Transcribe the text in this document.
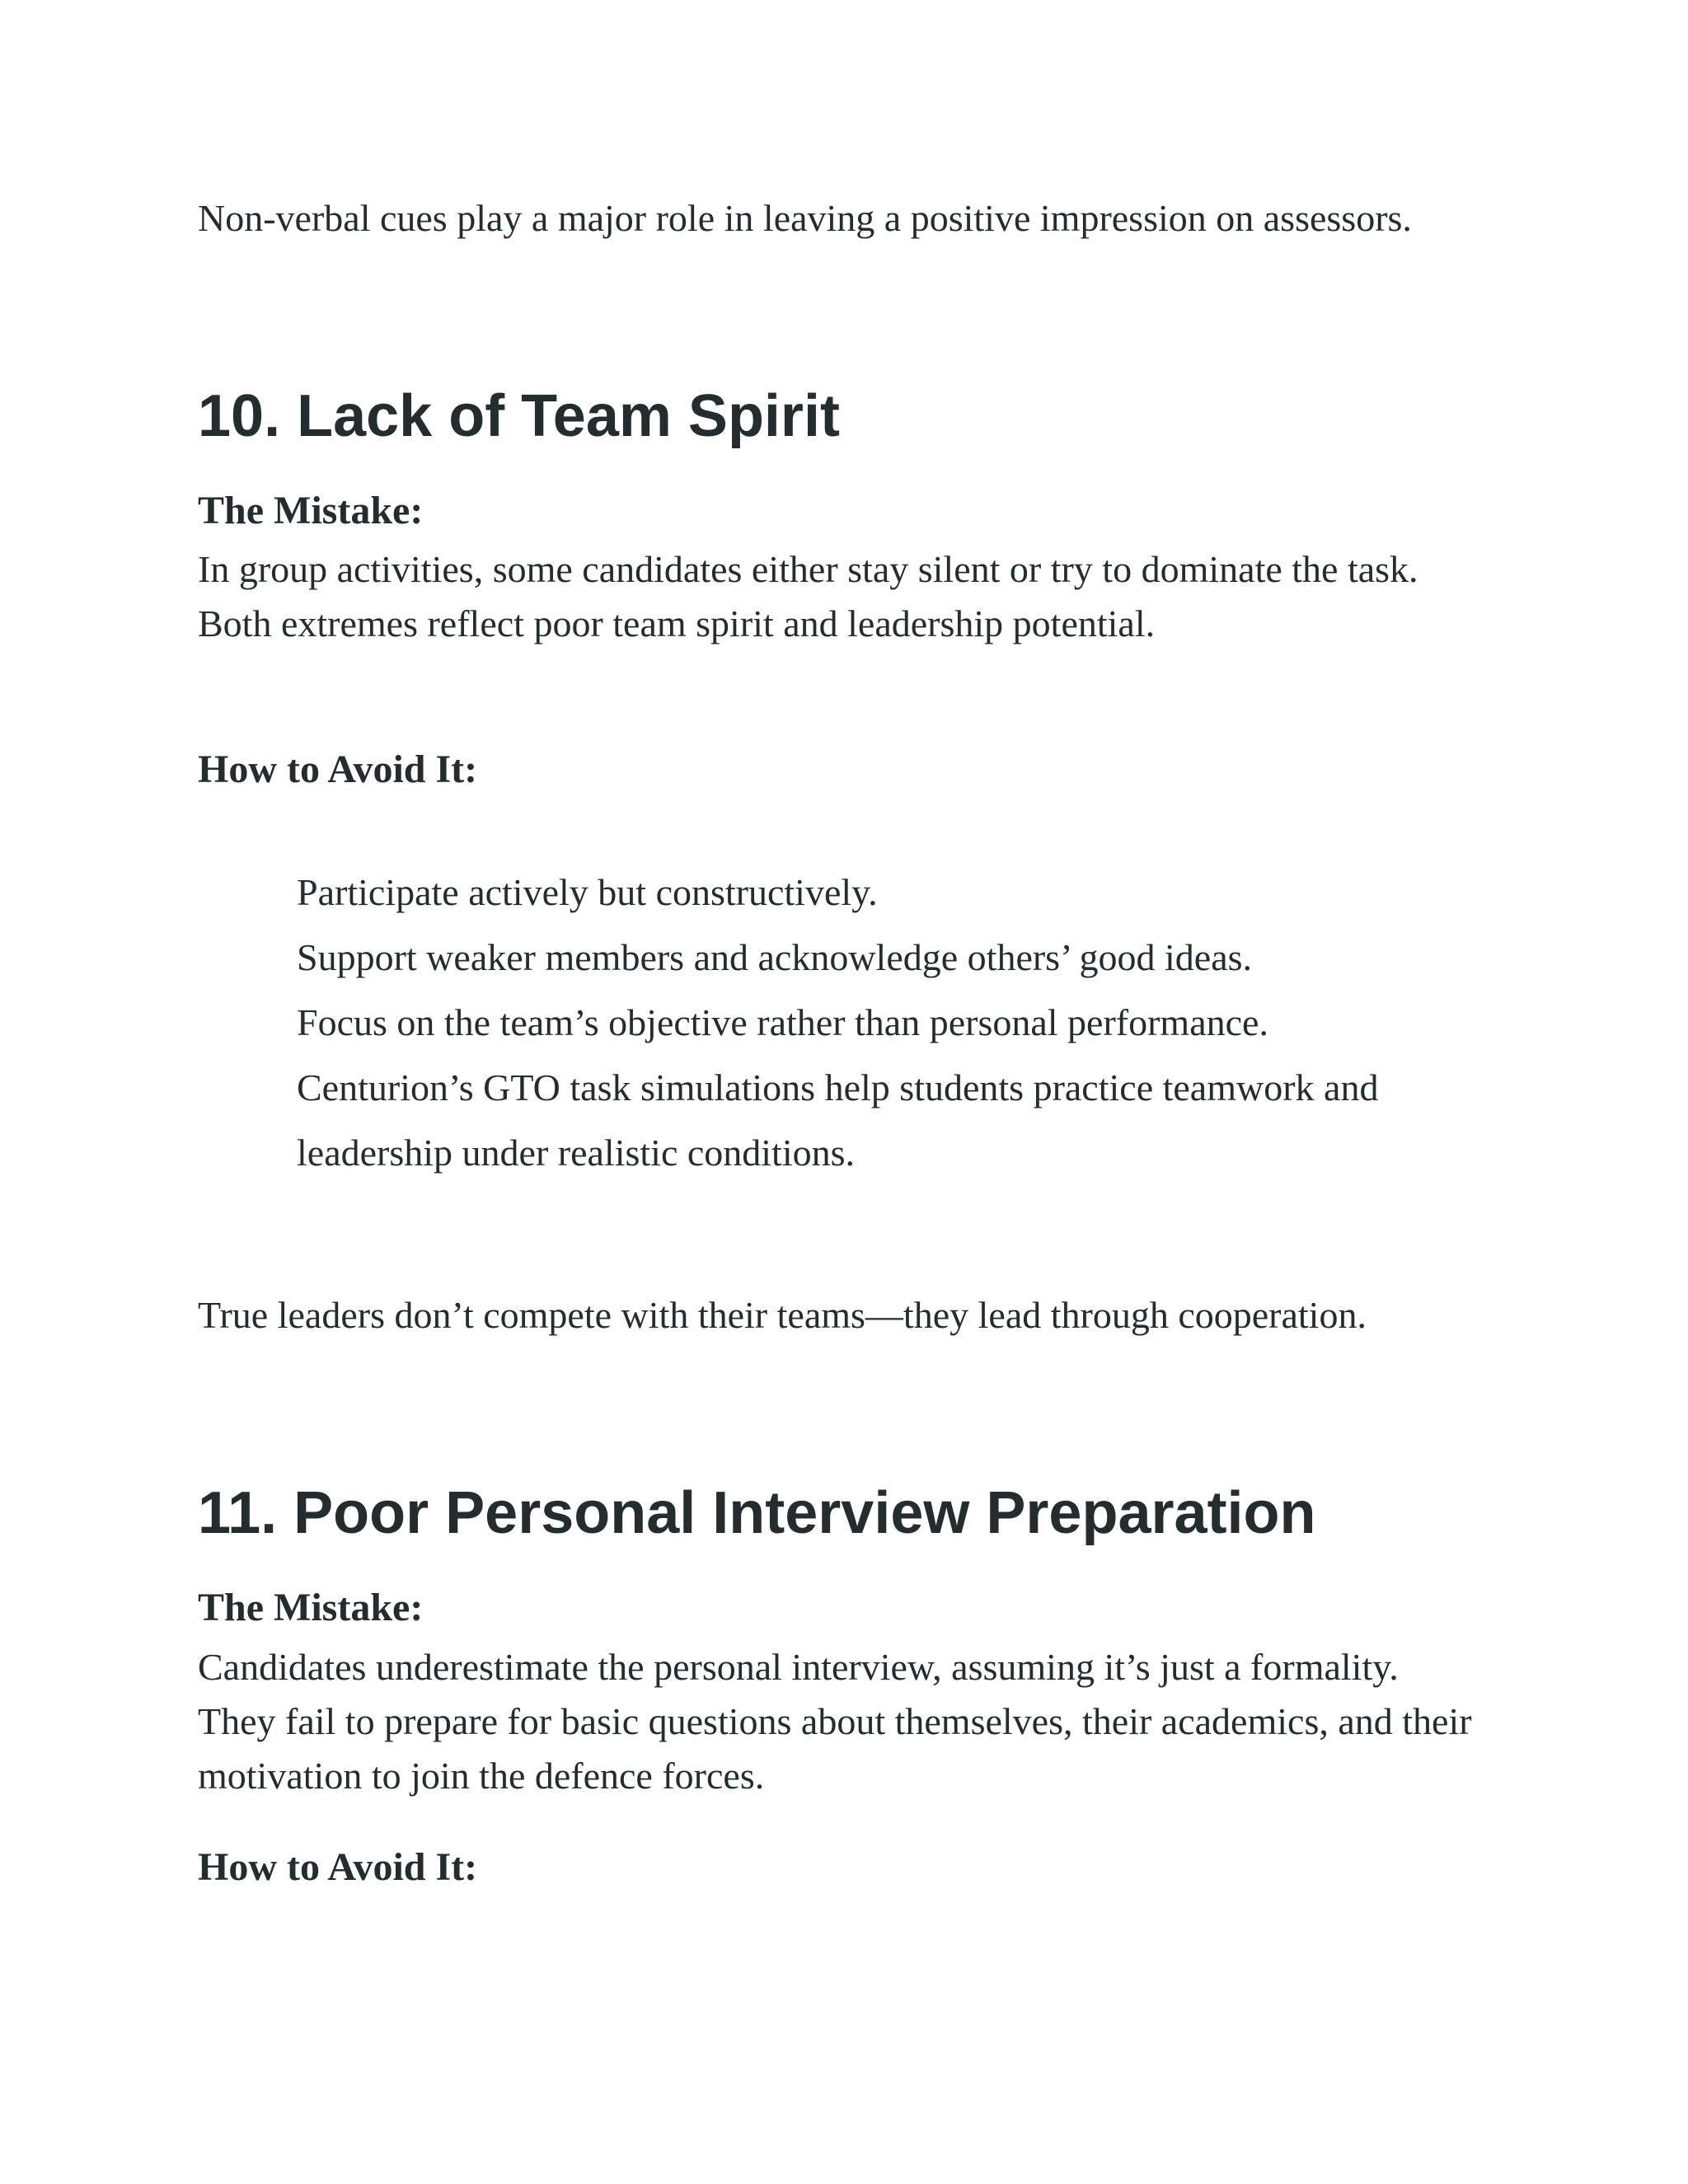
Non-verbal cues play a major role in leaving a positive impression on assessors.

10. Lack of Team Spirit

The Mistake:

In group activities, some candidates either stay silent or try to dominate the task. Both extremes reflect poor team spirit and leadership potential.

How to Avoid It:

Participate actively but constructively.
Support weaker members and acknowledge others’ good ideas.
Focus on the team’s objective rather than personal performance.
Centurion’s GTO task simulations help students practice teamwork and leadership under realistic conditions.

True leaders don’t compete with their teams—they lead through cooperation.

11. Poor Personal Interview Preparation

The Mistake:

Candidates underestimate the personal interview, assuming it’s just a formality. They fail to prepare for basic questions about themselves, their academics, and their motivation to join the defence forces.

How to Avoid It:
